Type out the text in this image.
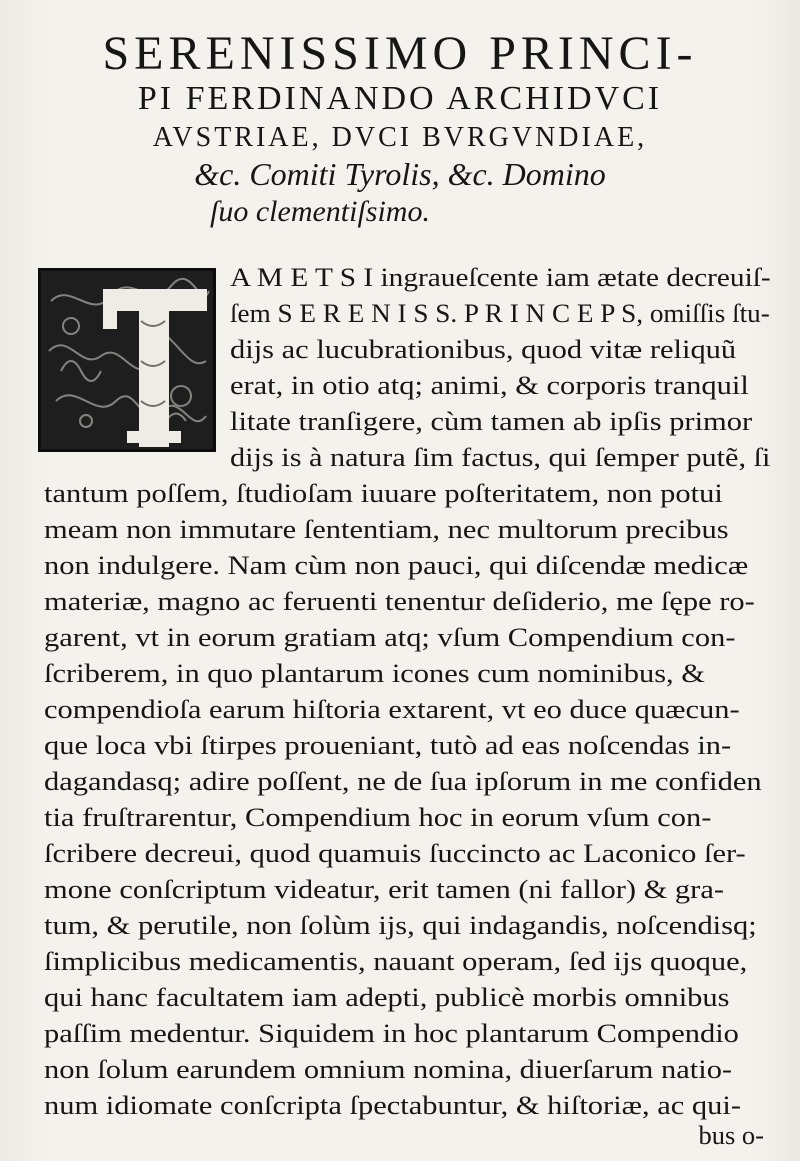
SERENISSIMO PRINCI-
PI FERDINANDO ARCHIDVCI
AVSTRIAE, DVCI BVRGVNDIAE,
&c. Comiti Tyrolis, &c. Domino
ſuo clementiſsimo.
A M E T S I ingraueſcente iam ætate decreuiſ-
ſem S E R E N I S S. P R I N C E P S, omiſſis ſtu-
dijs ac lucubrationibus, quod vitæ reliquũ
erat, in otio atq; animi, & corporis tranquil
litate tranſigere, cùm tamen ab ipſis primor
dijs is à natura ſim factus, qui ſemper putẽ, ſi
tantum poſſem, ſtudioſam iuuare poſteritatem, non potui
meam non immutare ſententiam, nec multorum precibus
non indulgere. Nam cùm non pauci, qui diſcendæ medicæ
materiæ, magno ac feruenti tenentur deſiderio, me ſępe ro-
garent, vt in eorum gratiam atq; vſum Compendium con-
ſcriberem, in quo plantarum icones cum nominibus, &
compendioſa earum hiſtoria extarent, vt eo duce quæcun-
que loca vbi ſtirpes proueniant, tutò ad eas noſcendas in-
dagandasq; adire poſſent, ne de ſua ipſorum in me confiden
tia fruſtrarentur, Compendium hoc in eorum vſum con-
ſcribere decreui, quod quamuis ſuccincto ac Laconico ſer-
mone conſcriptum videatur, erit tamen (ni fallor) & gra-
tum, & perutile, non ſolùm ijs, qui indagandis, noſcendisq;
ſimplicibus medicamentis, nauant operam, ſed ijs quoque,
qui hanc facultatem iam adepti, publicè morbis omnibus
paſſim medentur. Siquidem in hoc plantarum Compendio
non ſolum earundem omnium nomina, diuerſarum natio-
num idiomate conſcripta ſpectabuntur, & hiſtoriæ, ac qui-
bus o-
